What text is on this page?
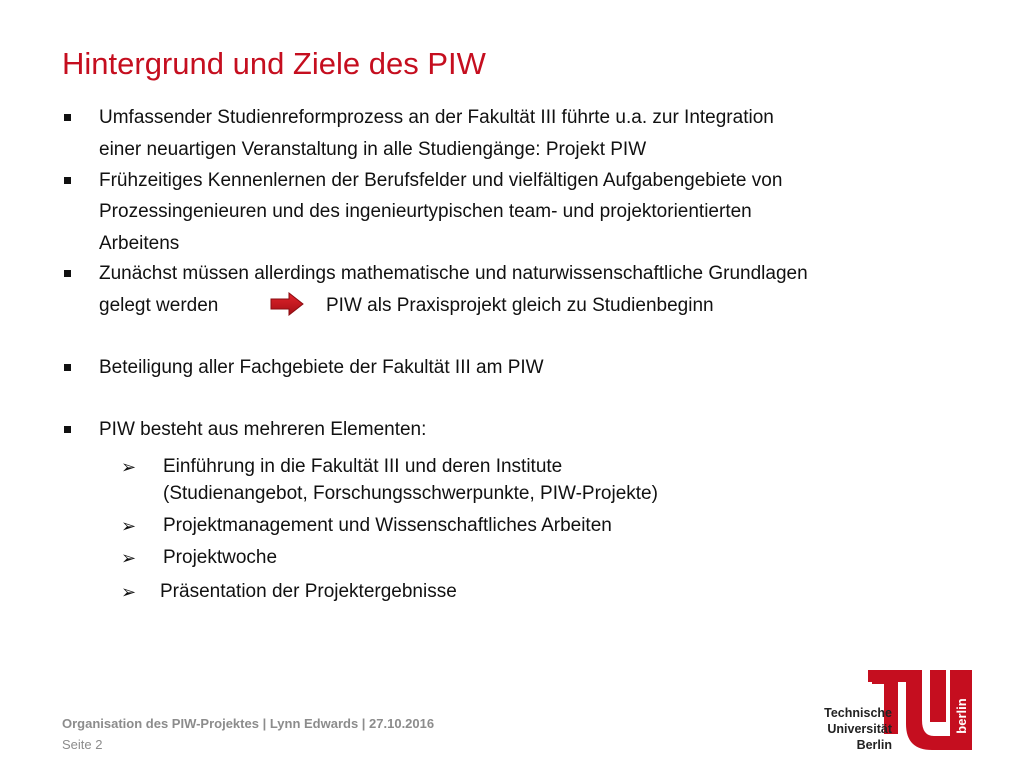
Hintergrund und Ziele des PIW
Umfassender Studienreformprozess an der Fakultät III führte u.a. zur Integration
einer neuartigen Veranstaltung in alle Studiengänge: Projekt PIW
Frühzeitiges Kennenlernen der Berufsfelder und vielfältigen Aufgabengebiete von
Prozessingenieuren und des ingenieurtypischen team- und projektorientierten
Arbeitens
Zunächst müssen allerdings mathematische und naturwissenschaftliche Grundlagen
gelegt werden	PIW als Praxisprojekt gleich zu Studienbeginn
Beteiligung aller Fachgebiete der Fakultät III am PIW
PIW besteht aus mehreren Elementen:
➢ Einführung in die Fakultät III und deren Institute
(Studienangebot, Forschungsschwerpunkte, PIW-Projekte)
➢ Projektmanagement und Wissenschaftliches Arbeiten
➢ Projektwoche
➢ Präsentation der Projektergebnisse
Organisation des PIW-Projektes | Lynn Edwards | 27.10.2016
Seite 2
berlin
Technische
Universität
Berlin
